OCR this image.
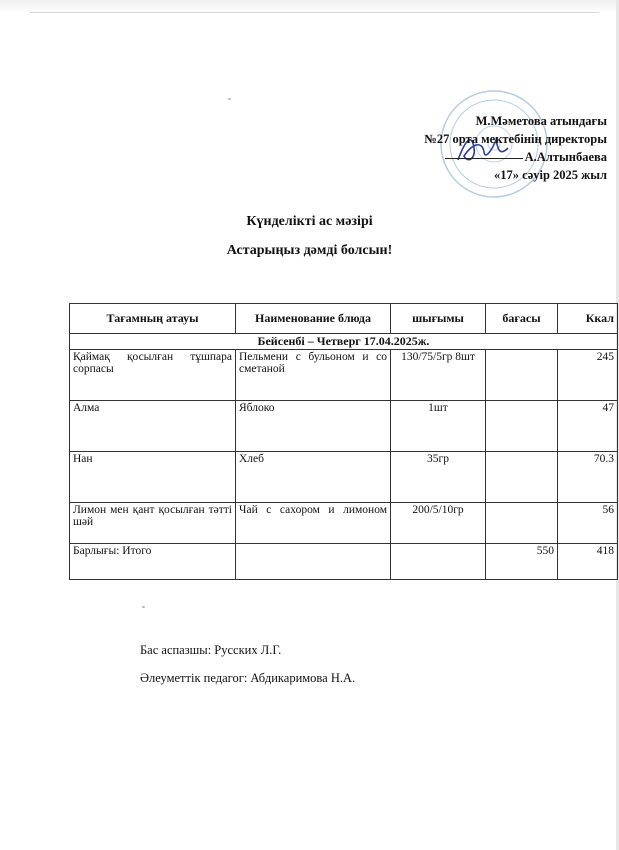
М.Мәметова атындағы
№27 орта мектебінің директоры
А.Алтынбаева
«17» сәуір 2025 жыл
Күнделікті ас мәзірі
Астарыңыз дәмді болсын!
Тағамның атауы	Наименование блюда	шығымы	бағасы	Ккал
Бейсенбі – Четверг 17.04.2025ж.				
Қаймақ қосылған тұшпара сорпасы	Пельмени с бульоном и со сметаной	130/75/5гр 8шт		245
Алма	Яблоко	1шт		47
Нан	Хлеб	35гр		70.3
Лимон мен қант қосылған тәтті шәй	Чай с сахором и лимоном	200/5/10гр		56
Барлығы: Итого			550	418
Бас аспазшы: Русских Л.Г.
Әлеуметтік педагог: Абдикаримова Н.А.
